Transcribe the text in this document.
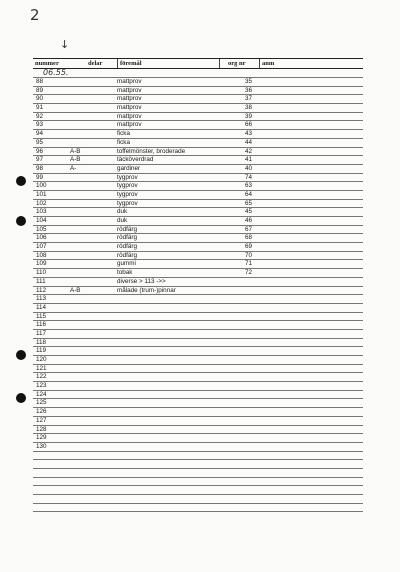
2
↓
nummer	delar	föremål	org nr	anm
06.55.
88	mattprov	35
89	mattprov	36
90	mattprov	37
91	mattprov	38
92	mattprov	39
93	mattprov	66
94	ficka	43
95	ficka	44
96	A-B	toffelmönster, broderade	42
97	A-B	täcköverdrad	41
98	A-	gardiner	40
99	tygprov	74
100	tygprov	63
101	tygprov	64
102	tygprov	65
103	duk	45
104	duk	46
105	rödfärg	67
106	rödfärg	68
107	rödfärg	69
108	rödfärg	70
109	gummi	71
110	tobak	72
111	diverse > 113 ->>
112	A-B	målade (trum-)pinnar
113
114
115
116
117
118
119
120
121
122
123
124
125
126
127
128
129
130
